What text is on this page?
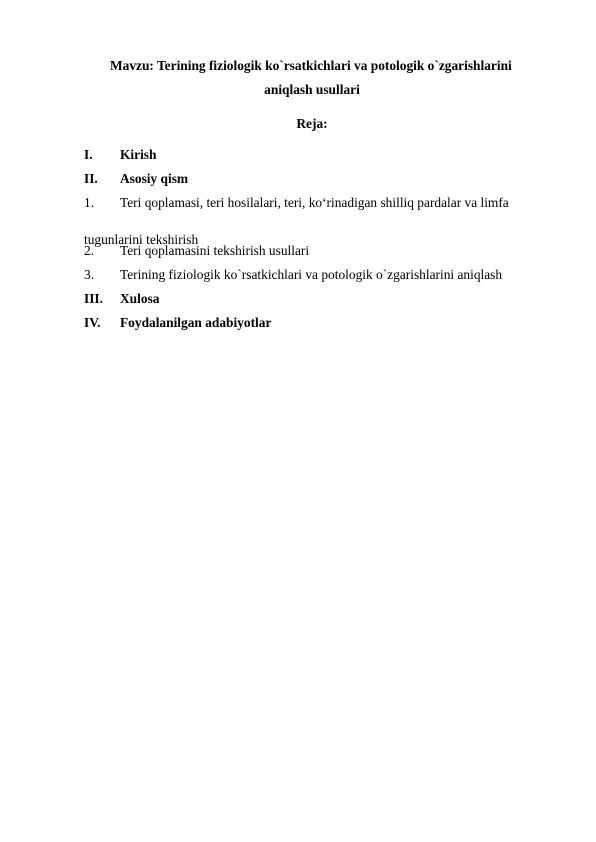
Mavzu: Terining fiziologik ko`rsatkichlari va potologik o`zgarishlarini
aniqlash usullari

Reja:

I. Kirish

II. Asosiy qism

1. Teri qoplamasi, teri hosilalari, teri, ko‘rinadigan shilliq pardalar va limfa

tugunlarini tekshirish

2. Teri qoplamasini tekshirish usullari

3. Terining fiziologik ko`rsatkichlari va potologik o`zgarishlarini aniqlash

III. Xulosa

IV. Foydalanilgan adabiyotlar
